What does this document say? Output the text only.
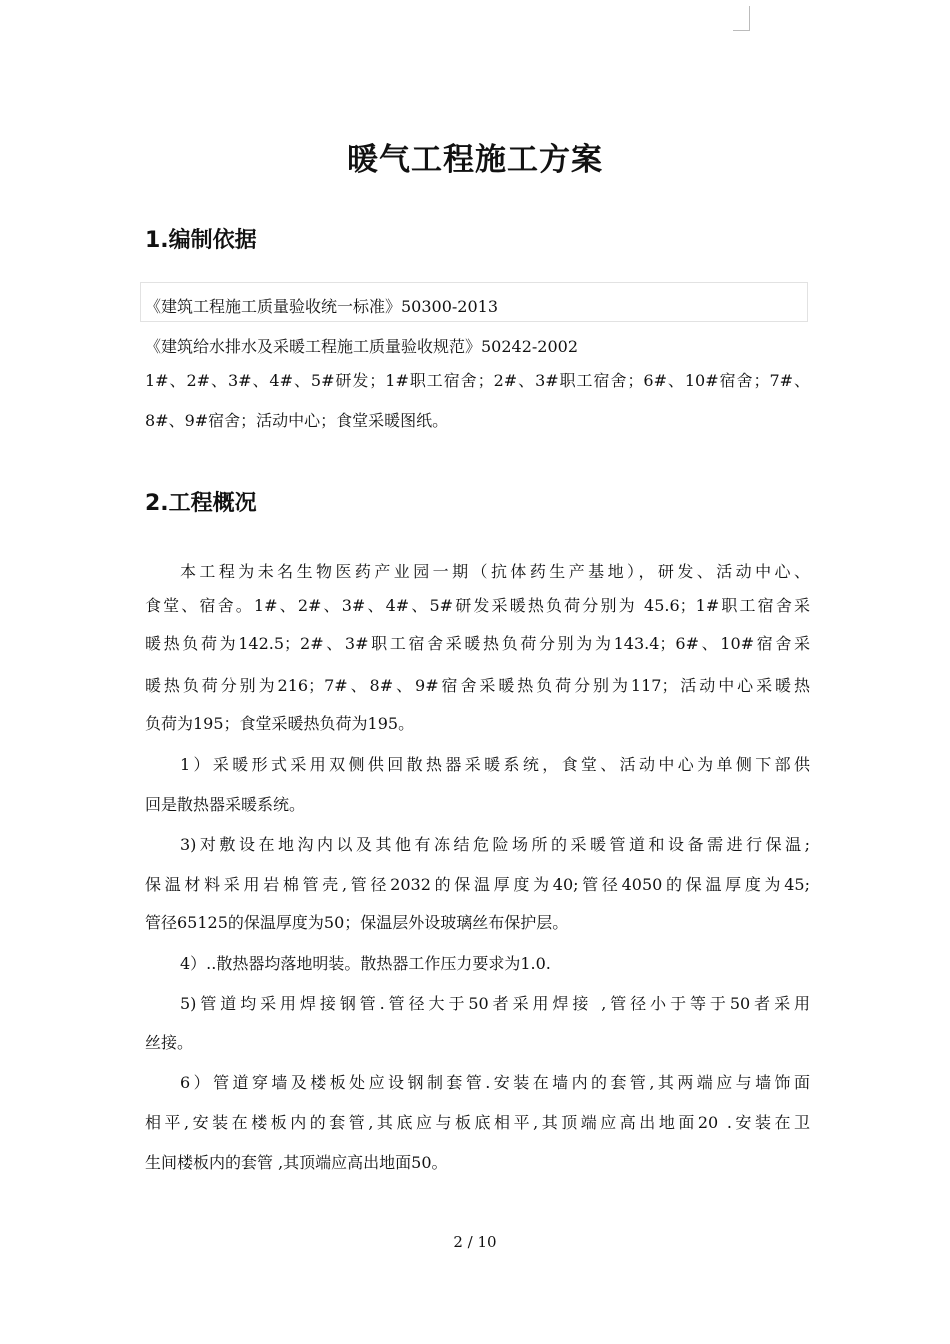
暖气工程施工方案
1.编制依据

《建筑工程施工质量验收统一标准》50300-2013

《建筑给水排水及采暖工程施工质量验收规范》50242-2002

1#、2#、3#、4#、5#研发；1#职工宿舍；2#、3#职工宿舍；6#、10#宿舍；7#、

8#、9#宿舍；活动中心；食堂采暖图纸。

2.工程概况

本工程为未名生物医药产业园一期（抗体药生产基地），研发、活动中心、

食堂、宿舍。1#、2#、3#、4#、5#研发采暖热负荷分别为 45.6；1#职工宿舍采

暖热负荷为142.5；2#、3#职工宿舍采暖热负荷分别为为143.4；6#、10#宿舍采

暖热负荷分别为216；7#、8#、9#宿舍采暖热负荷分别为117；活动中心采暖热

负荷为195；食堂采暖热负荷为195。

1）采暖形式采用双侧供回散热器采暖系统，食堂、活动中心为单侧下部供

回是散热器采暖系统。

3)对敷设在地沟内以及其他有冻结危险场所的采暖管道和设备需进行保温;

保温材料采用岩棉管壳,管径2032的保温厚度为40;管径4050的保温厚度为45;

管径65125的保温厚度为50；保温层外设玻璃丝布保护层。

4）..散热器均落地明装。散热器工作压力要求为1.0.

5)管道均采用焊接钢管.管径大于50者采用焊接 ,管径小于等于50者采用

丝接。

6）管道穿墙及楼板处应设钢制套管.安装在墙内的套管,其两端应与墙饰面

相平,安装在楼板内的套管,其底应与板底相平,其顶端应高出地面20 .安装在卫

生间楼板内的套管 ,其顶端应高出地面50。

2 / 10
